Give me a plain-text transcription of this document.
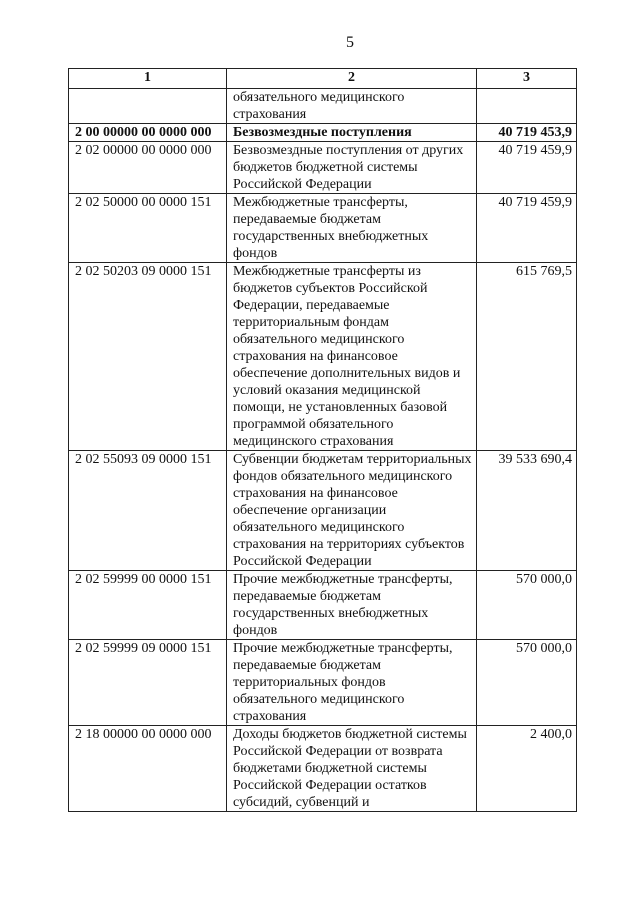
5
1	2	3
	обязательного медицинского страхования	
2 00 00000 00 0000 000	Безвозмездные поступления	40 719 453,9
2 02 00000 00 0000 000	Безвозмездные поступления от других бюджетов бюджетной системы Российской Федерации	40 719 459,9
2 02 50000 00 0000 151	Межбюджетные трансферты, передаваемые бюджетам государственных внебюджетных фондов	40 719 459,9
2 02 50203 09 0000 151	Межбюджетные трансферты из бюджетов субъектов Российской Федерации, передаваемые территориальным фондам обязательного медицинского страхования на финансовое обеспечение дополнительных видов и условий оказания медицинской помощи, не установленных базовой программой обязательного медицинского страхования	615 769,5
2 02 55093 09 0000 151	Субвенции бюджетам территориальных фондов обязательного медицинского страхования на финансовое обеспечение организации обязательного медицинского страхования на территориях субъектов Российской Федерации	39 533 690,4
2 02 59999 00 0000 151	Прочие межбюджетные трансферты, передаваемые бюджетам государственных внебюджетных фондов	570 000,0
2 02 59999 09 0000 151	Прочие межбюджетные трансферты, передаваемые бюджетам территориальных фондов обязательного медицинского страхования	570 000,0
2 18 00000 00 0000 000	Доходы бюджетов бюджетной системы Российской Федерации от возврата бюджетами бюджетной системы Российской Федерации остатков субсидий, субвенций и	2 400,0
